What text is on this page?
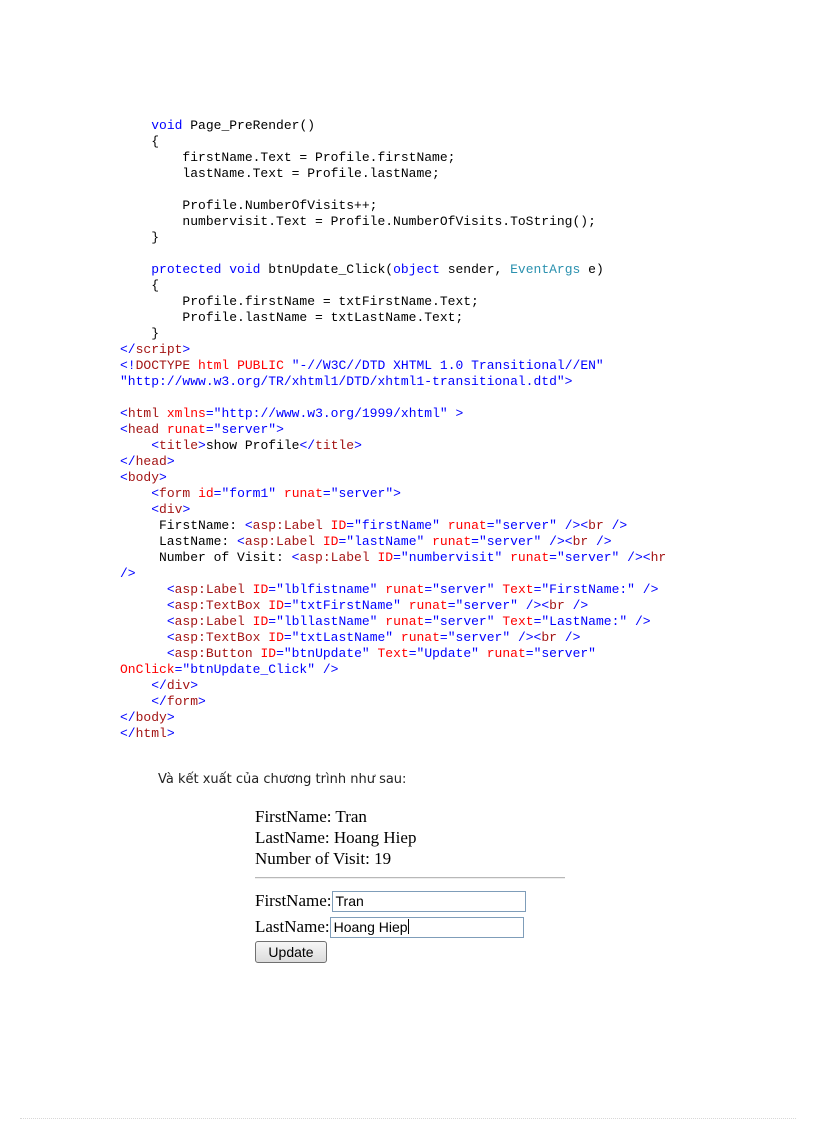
void Page_PreRender()
{
firstName.Text = Profile.firstName;
lastName.Text = Profile.lastName;
Profile.NumberOfVisits++;
numbervisit.Text = Profile.NumberOfVisits.ToString();
}
protected void btnUpdate_Click(object sender, EventArgs e)
{
Profile.firstName = txtFirstName.Text;
Profile.lastName = txtLastName.Text;
}
</script>
<!DOCTYPE html PUBLIC "-//W3C//DTD XHTML 1.0 Transitional//EN"
"http://www.w3.org/TR/xhtml1/DTD/xhtml1-transitional.dtd">
<html xmlns="http://www.w3.org/1999/xhtml" >
<head runat="server">
<title>show Profile</title>
</head>
<body>
<form id="form1" runat="server">
<div>
FirstName: <asp:Label ID="firstName" runat="server" /><br />
LastName: <asp:Label ID="lastName" runat="server" /><br />
Number of Visit: <asp:Label ID="numbervisit" runat="server" /><hr
/>
<asp:Label ID="lblfistname" runat="server" Text="FirstName:" />
<asp:TextBox ID="txtFirstName" runat="server" /><br />
<asp:Label ID="lbllastName" runat="server" Text="LastName:" />
<asp:TextBox ID="txtLastName" runat="server" /><br />
<asp:Button ID="btnUpdate" Text="Update" runat="server"
OnClick="btnUpdate_Click" />
</div>
</form>
</body>
</html>
Và kết xuất của chương trình như sau:
FirstName: Tran
LastName: Hoang Hiep
Number of Visit: 19
FirstName: Tran
LastName: Hoang Hiep
Update
